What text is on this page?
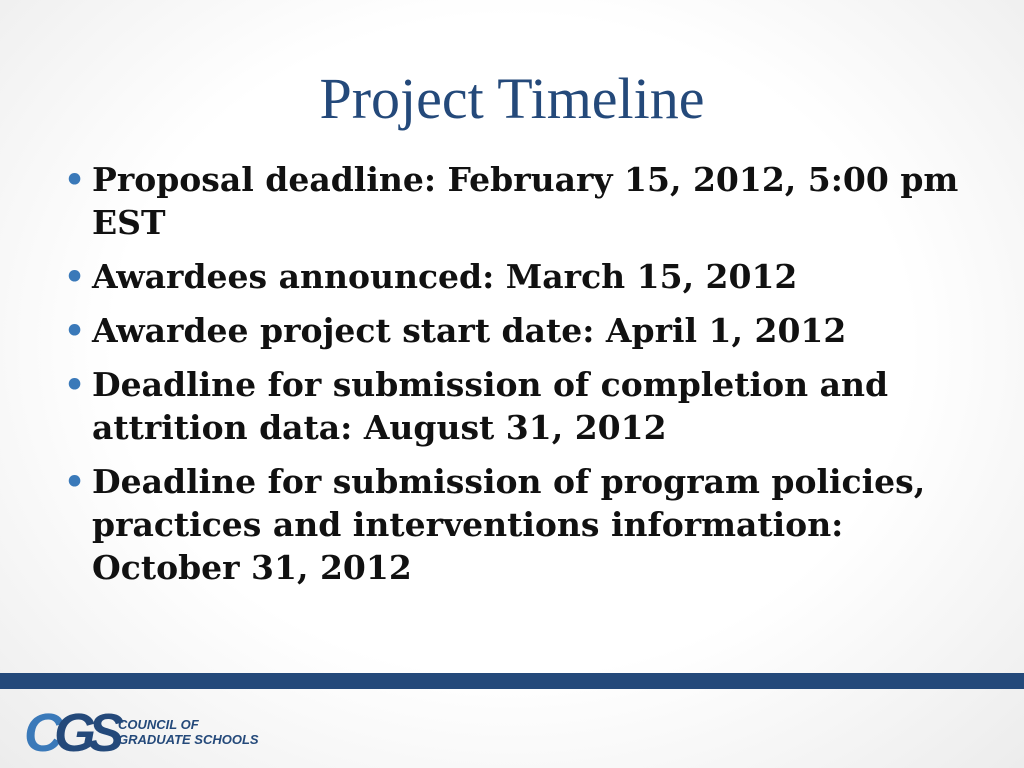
Project Timeline
• Proposal deadline: February 15, 2012, 5:00 pm EST
• Awardees announced: March 15, 2012
• Awardee project start date: April 1, 2012
• Deadline for submission of completion and attrition data: August 31, 2012
• Deadline for submission of program policies, practices and interventions information: October 31, 2012
C
G
S
COUNCIL OF
GRADUATE SCHOOLS
